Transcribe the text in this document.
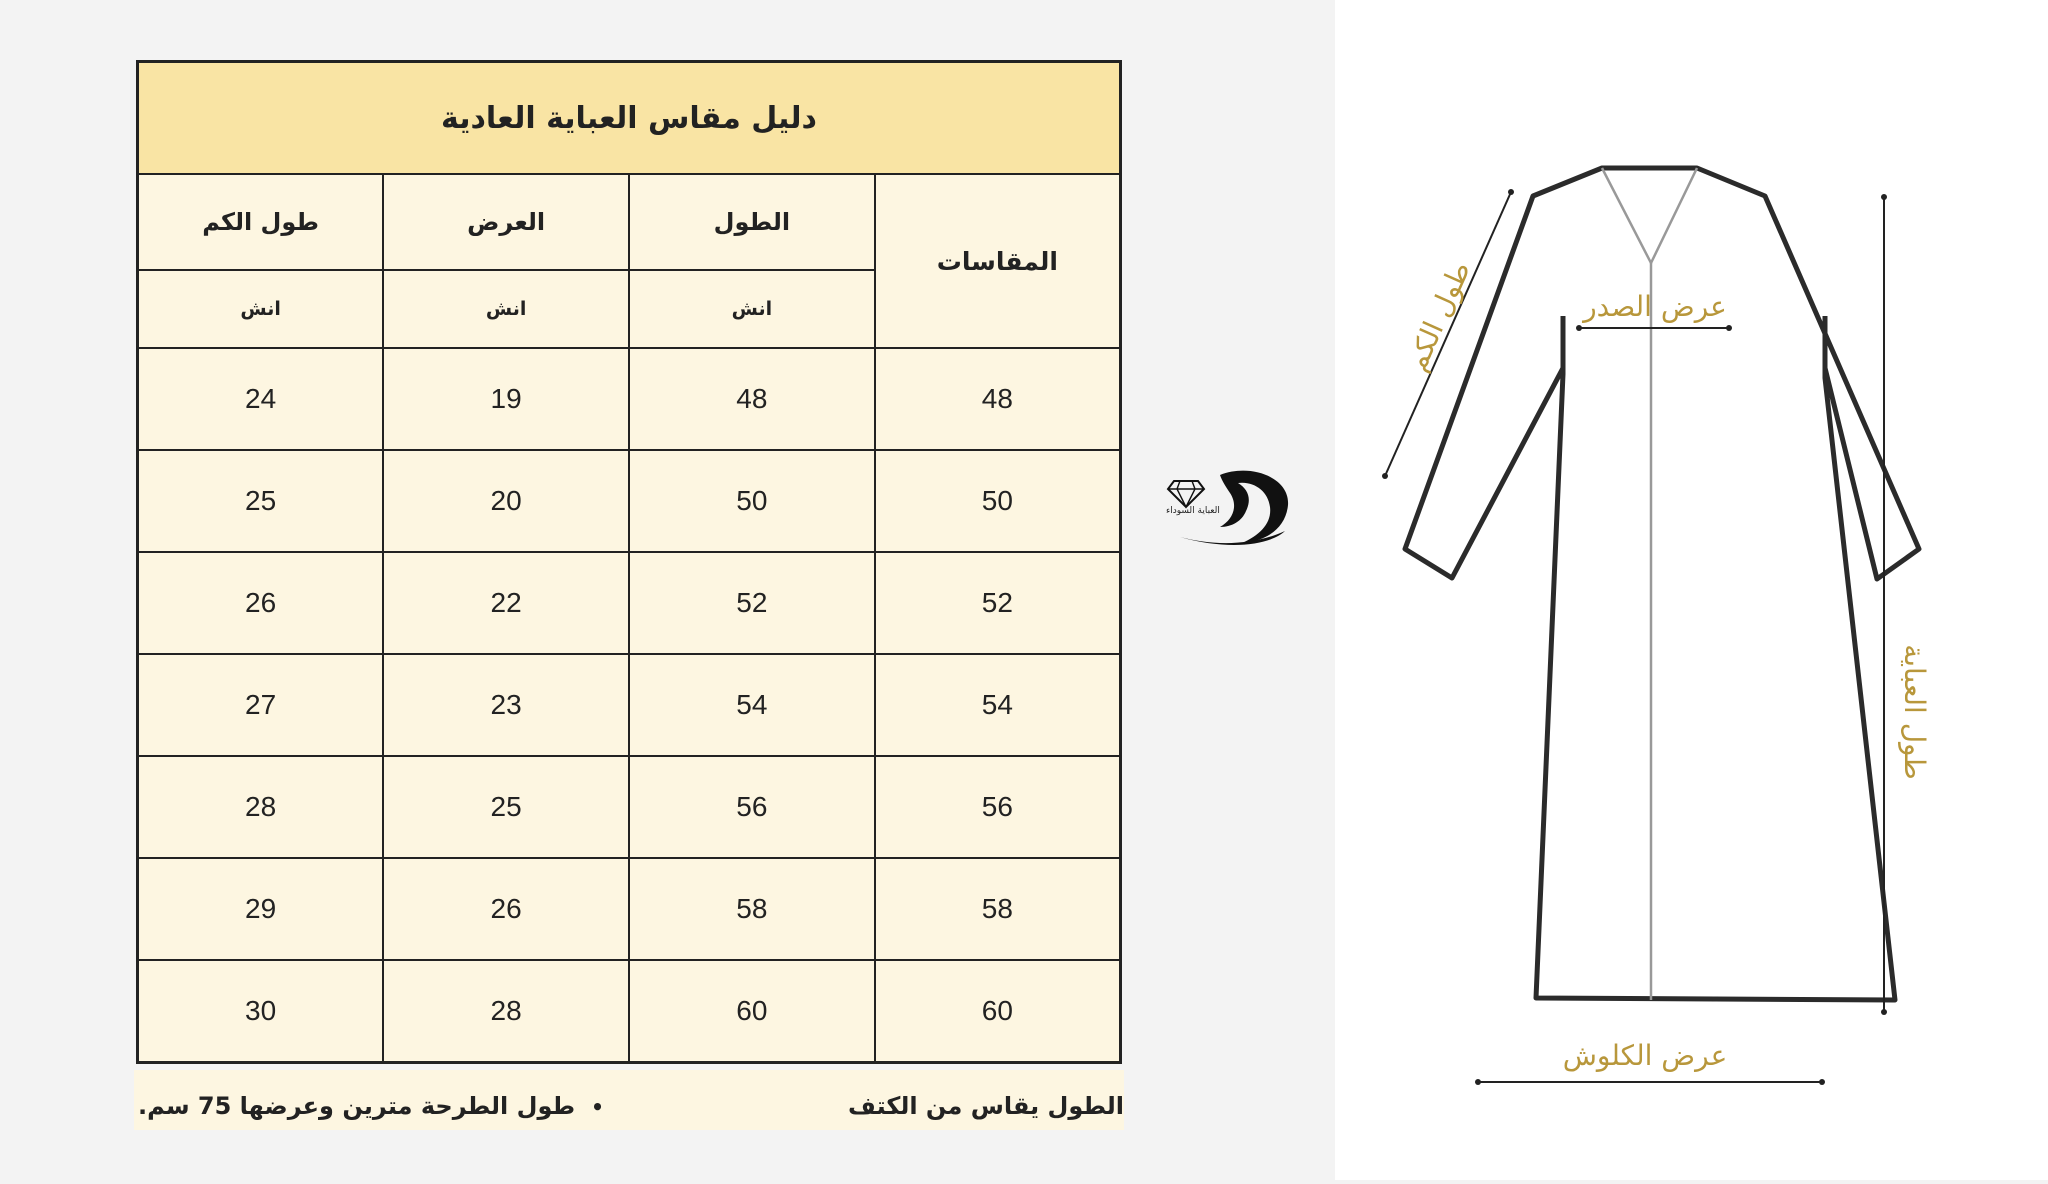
دليل مقاس العباية العادية			
المقاسات	الطول	العرض	طول الكم
	انش	انش	انش
48	48	19	24
50	50	20	25
52	52	22	26
54	54	23	27
56	56	25	28
58	58	26	29
60	60	28	30
الطول يقاس من الكتف
•طول الطرحة مترين وعرضها 75 سم.
العباية السوداء
طول الكم	عرض الصدر
طول العباية
عرض الكلوش
